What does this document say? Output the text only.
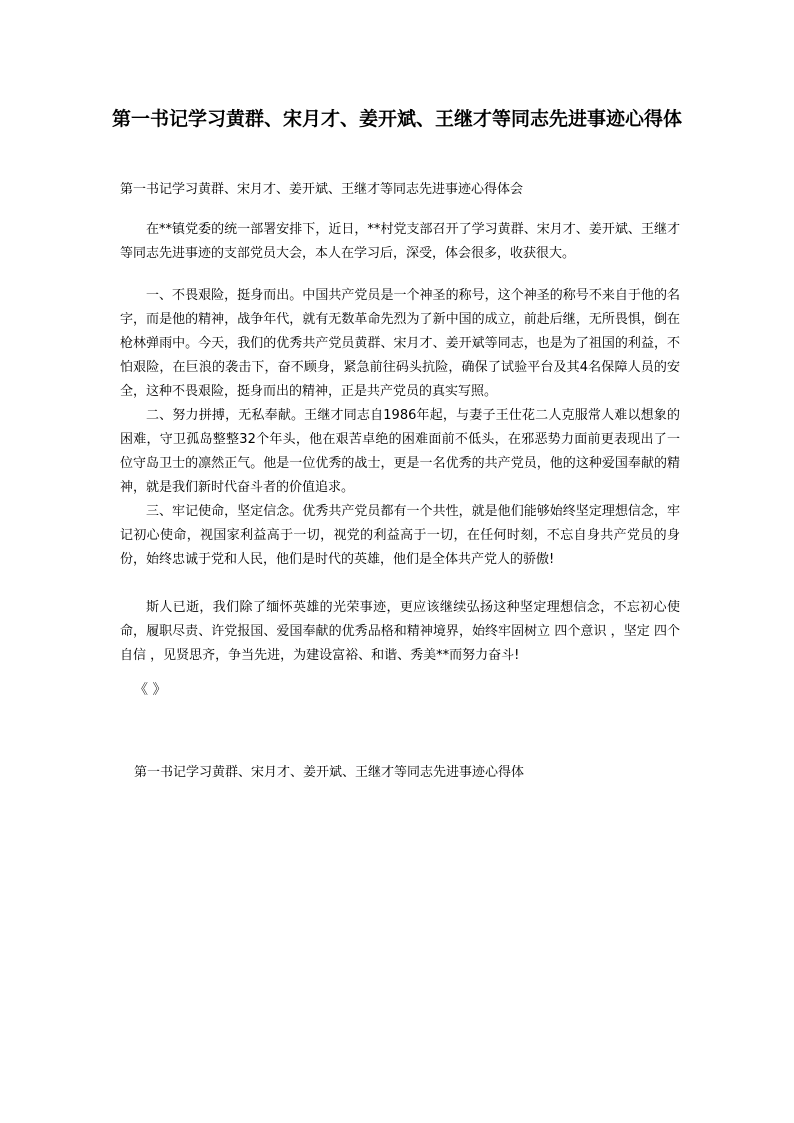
第一书记学习黄群、宋月才、姜开斌、王继才等同志先进事迹心得体

第一书记学习黄群、宋月才、姜开斌、王继才等同志先进事迹心得体会

在**镇党委的统一部署安排下，近日，**村党支部召开了学习黄群、宋月才、姜开斌、王继才等同志先进事迹的支部党员大会，本人在学习后，深受，体会很多，收获很大。

一、不畏艰险，挺身而出。中国共产党员是一个神圣的称号，这个神圣的称号不来自于他的名字，而是他的精神，战争年代，就有无数革命先烈为了新中国的成立，前赴后继，无所畏惧，倒在枪林弹雨中。今天，我们的优秀共产党员黄群、宋月才、姜开斌等同志，也是为了祖国的利益，不怕艰险，在巨浪的袭击下，奋不顾身，紧急前往码头抗险，确保了试验平台及其4名保障人员的安全，这种不畏艰险，挺身而出的精神，正是共产党员的真实写照。

二、努力拼搏，无私奉献。王继才同志自1986年起，与妻子王仕花二人克服常人难以想象的困难，守卫孤岛整整32个年头，他在艰苦卓绝的困难面前不低头，在邪恶势力面前更表现出了一位守岛卫士的凛然正气。他是一位优秀的战士，更是一名优秀的共产党员，他的这种爱国奉献的精神，就是我们新时代奋斗者的价值追求。

三、牢记使命，坚定信念。优秀共产党员都有一个共性，就是他们能够始终坚定理想信念，牢记初心使命，视国家利益高于一切，视党的利益高于一切，在任何时刻，不忘自身共产党员的身份，始终忠诚于党和人民，他们是时代的英雄，他们是全体共产党人的骄傲!

斯人已逝，我们除了缅怀英雄的光荣事迹，更应该继续弘扬这种坚定理想信念，不忘初心使命，履职尽责、许党报国、爱国奉献的优秀品格和精神境界，始终牢固树立 四个意识 ，坚定 四个自信 ，见贤思齐，争当先进，为建设富裕、和谐、秀美**而努力奋斗!

《 》

第一书记学习黄群、宋月才、姜开斌、王继才等同志先进事迹心得体
